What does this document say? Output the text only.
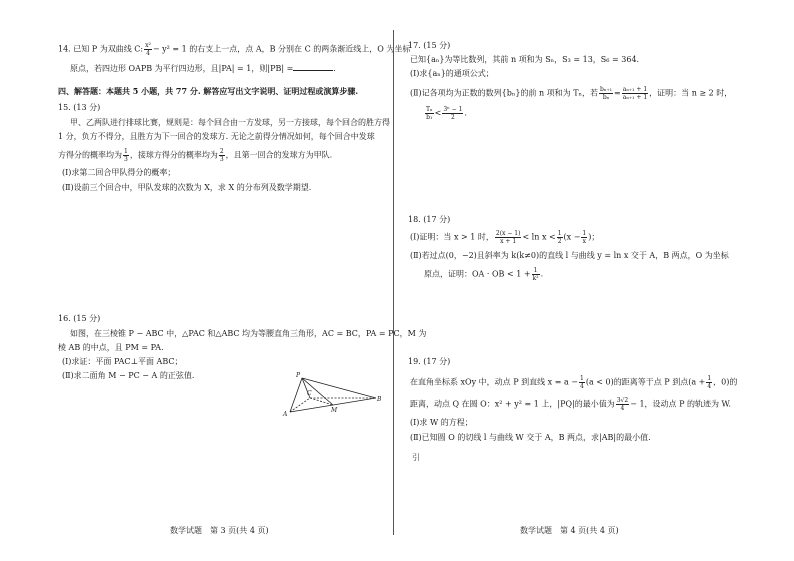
14. 已知 P 为双曲线 C: $\frac{\text{x²}}{4} - y^2 = 1$ 的右支上一点，点 A，B 分别在 C 的两条渐近线上，O 为坐标
原点，若四边形 OAPB 为平行四边形，且|PA| = 1，则|PB| =	.
四、解答题：本题共 5 小题，共 77 分. 解答应写出文字说明、证明过程或演算步骤.
15. (13 分)
甲、乙两队进行排球比赛，规则是：每个回合由一方发球，另一方接球，每个回合的胜方得
1 分，负方不得分，且胜方为下一回合的发球方. 无论之前得分情况如何，每个回合中发球
方得分的概率均为 $\frac{1}{3}$ ，接球方得分的概率均为 $\frac{2}{3}$ ，且第一回合的发球方为甲队.
(Ⅰ)求第二回合甲队得分的概率；
(Ⅱ)设前三个回合中，甲队发球的次数为 X，求 X 的分布列及数学期望.
16. (15 分)
如图，在三棱锥 P − ABC 中，△PAC 和△ABC 均为等腰直角三角形，AC = BC，PA = PC，M 为
棱 AB 的中点，且 PM = PA.
(Ⅰ)求证：平面 PAC⊥平面 ABC；
(Ⅱ)求二面角 M − PC − A 的正弦值.	P
C
M
A
B
数学试题　第 3 页(共 4 页)
17. (15 分)
已知{aₙ}为等比数列，其前 n 项和为 Sₙ，S₃ = 13，S₆ = 364.
(Ⅰ)求{aₙ}的通项公式；
(Ⅱ)记各项均为正数的数列{bₙ}的前 n 项和为 Tₙ，若 $\frac{\text{bₙ₊₁}}{\text{bₙ}} = \frac{\text{aₙ₊₁ + 1}}{\text{aₙ₊₁ + 1}}$ ，证明：当 n ≥ 2 时，
$\frac{\text{Tₙ}}{\text{b₁}} < \frac{\text{3ⁿ − 1}}{2}$ .
18. (17 分)
(Ⅰ)证明：当 x > 1 时， $\frac{2(x - 1)}{x + 1} < \ln x < \frac{1}{2} (x - \frac{1}{x}$ )；
(Ⅱ)若过点(0，−2)且斜率为 k(k≠0)的直线 l 与曲线 y = ln x 交于 A，B 两点，O 为坐标
原点，证明：OA · OB < $1 + \frac{1}{\text{k²}}$ .
19. (17 分)
在直角坐标系 xOy 中，动点 P 到直线 $x = a - \frac{1}{4} (a < 0)$的距离等于点 P 到点($a + \frac{1}{4}$ ，0)的
距离，动点 Q 在圆 O：x² + y² = 1 上，|PQ|的最小值为 $\frac{3√2}{4} - 1$，设动点 P 的轨迹为 W.
(Ⅰ)求 W 的方程；
(Ⅱ)已知圆 O 的切线 l 与曲线 W 交于 A，B 两点，求|AB|的最小值.
引
数学试题　第 4 页(共 4 页)
